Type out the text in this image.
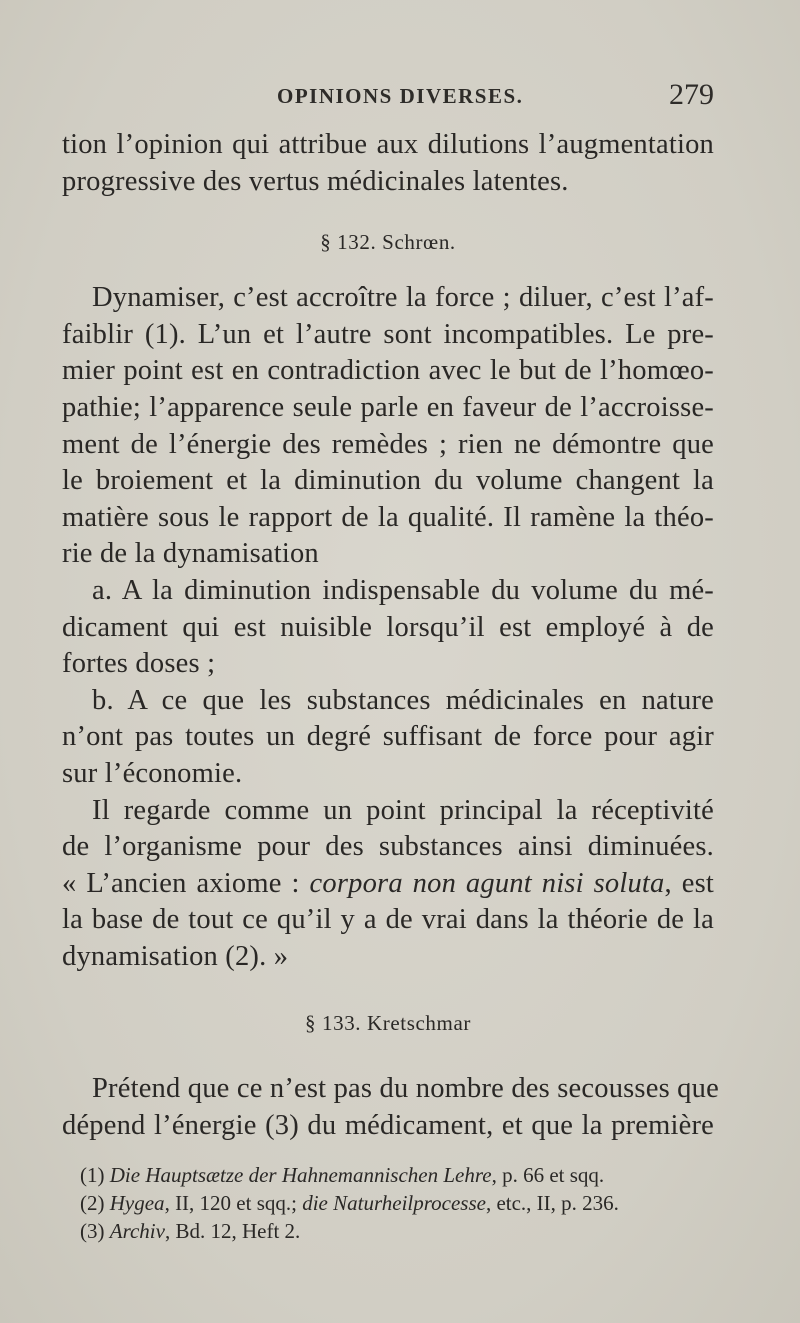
OPINIONS DIVERSES.	279
tion l’opinion qui attribue aux dilutions l’augmentation
progressive des vertus médicinales latentes.
§ 132. Schrœn.
Dynamiser, c’est accroître la force ; diluer, c’est l’af-
faiblir (1). L’un et l’autre sont incompatibles. Le pre-
mier point est en contradiction avec le but de l’homœo-
pathie; l’apparence seule parle en faveur de l’accroisse-
ment de l’énergie des remèdes ; rien ne démontre que
le broiement et la diminution du volume changent la
matière sous le rapport de la qualité. Il ramène la théo-
rie de la dynamisation
a. A la diminution indispensable du volume du mé-
dicament qui est nuisible lorsqu’il est employé à de
fortes doses ;
b. A ce que les substances médicinales en nature
n’ont pas toutes un degré suffisant de force pour agir
sur l’économie.
Il regarde comme un point principal la réceptivité
de l’organisme pour des substances ainsi diminuées.
« L’ancien axiome : corpora non agunt nisi soluta, est
la base de tout ce qu’il y a de vrai dans la théorie de la
dynamisation (2). »
§ 133. Kretschmar
Prétend que ce n’est pas du nombre des secousses que
dépend l’énergie (3) du médicament, et que la première
(1) Die Hauptsætze der Hahnemannischen Lehre, p. 66 et sqq.
(2) Hygea, II, 120 et sqq.; die Naturheilprocesse, etc., II, p. 236.
(3) Archiv, Bd. 12, Heft 2.
